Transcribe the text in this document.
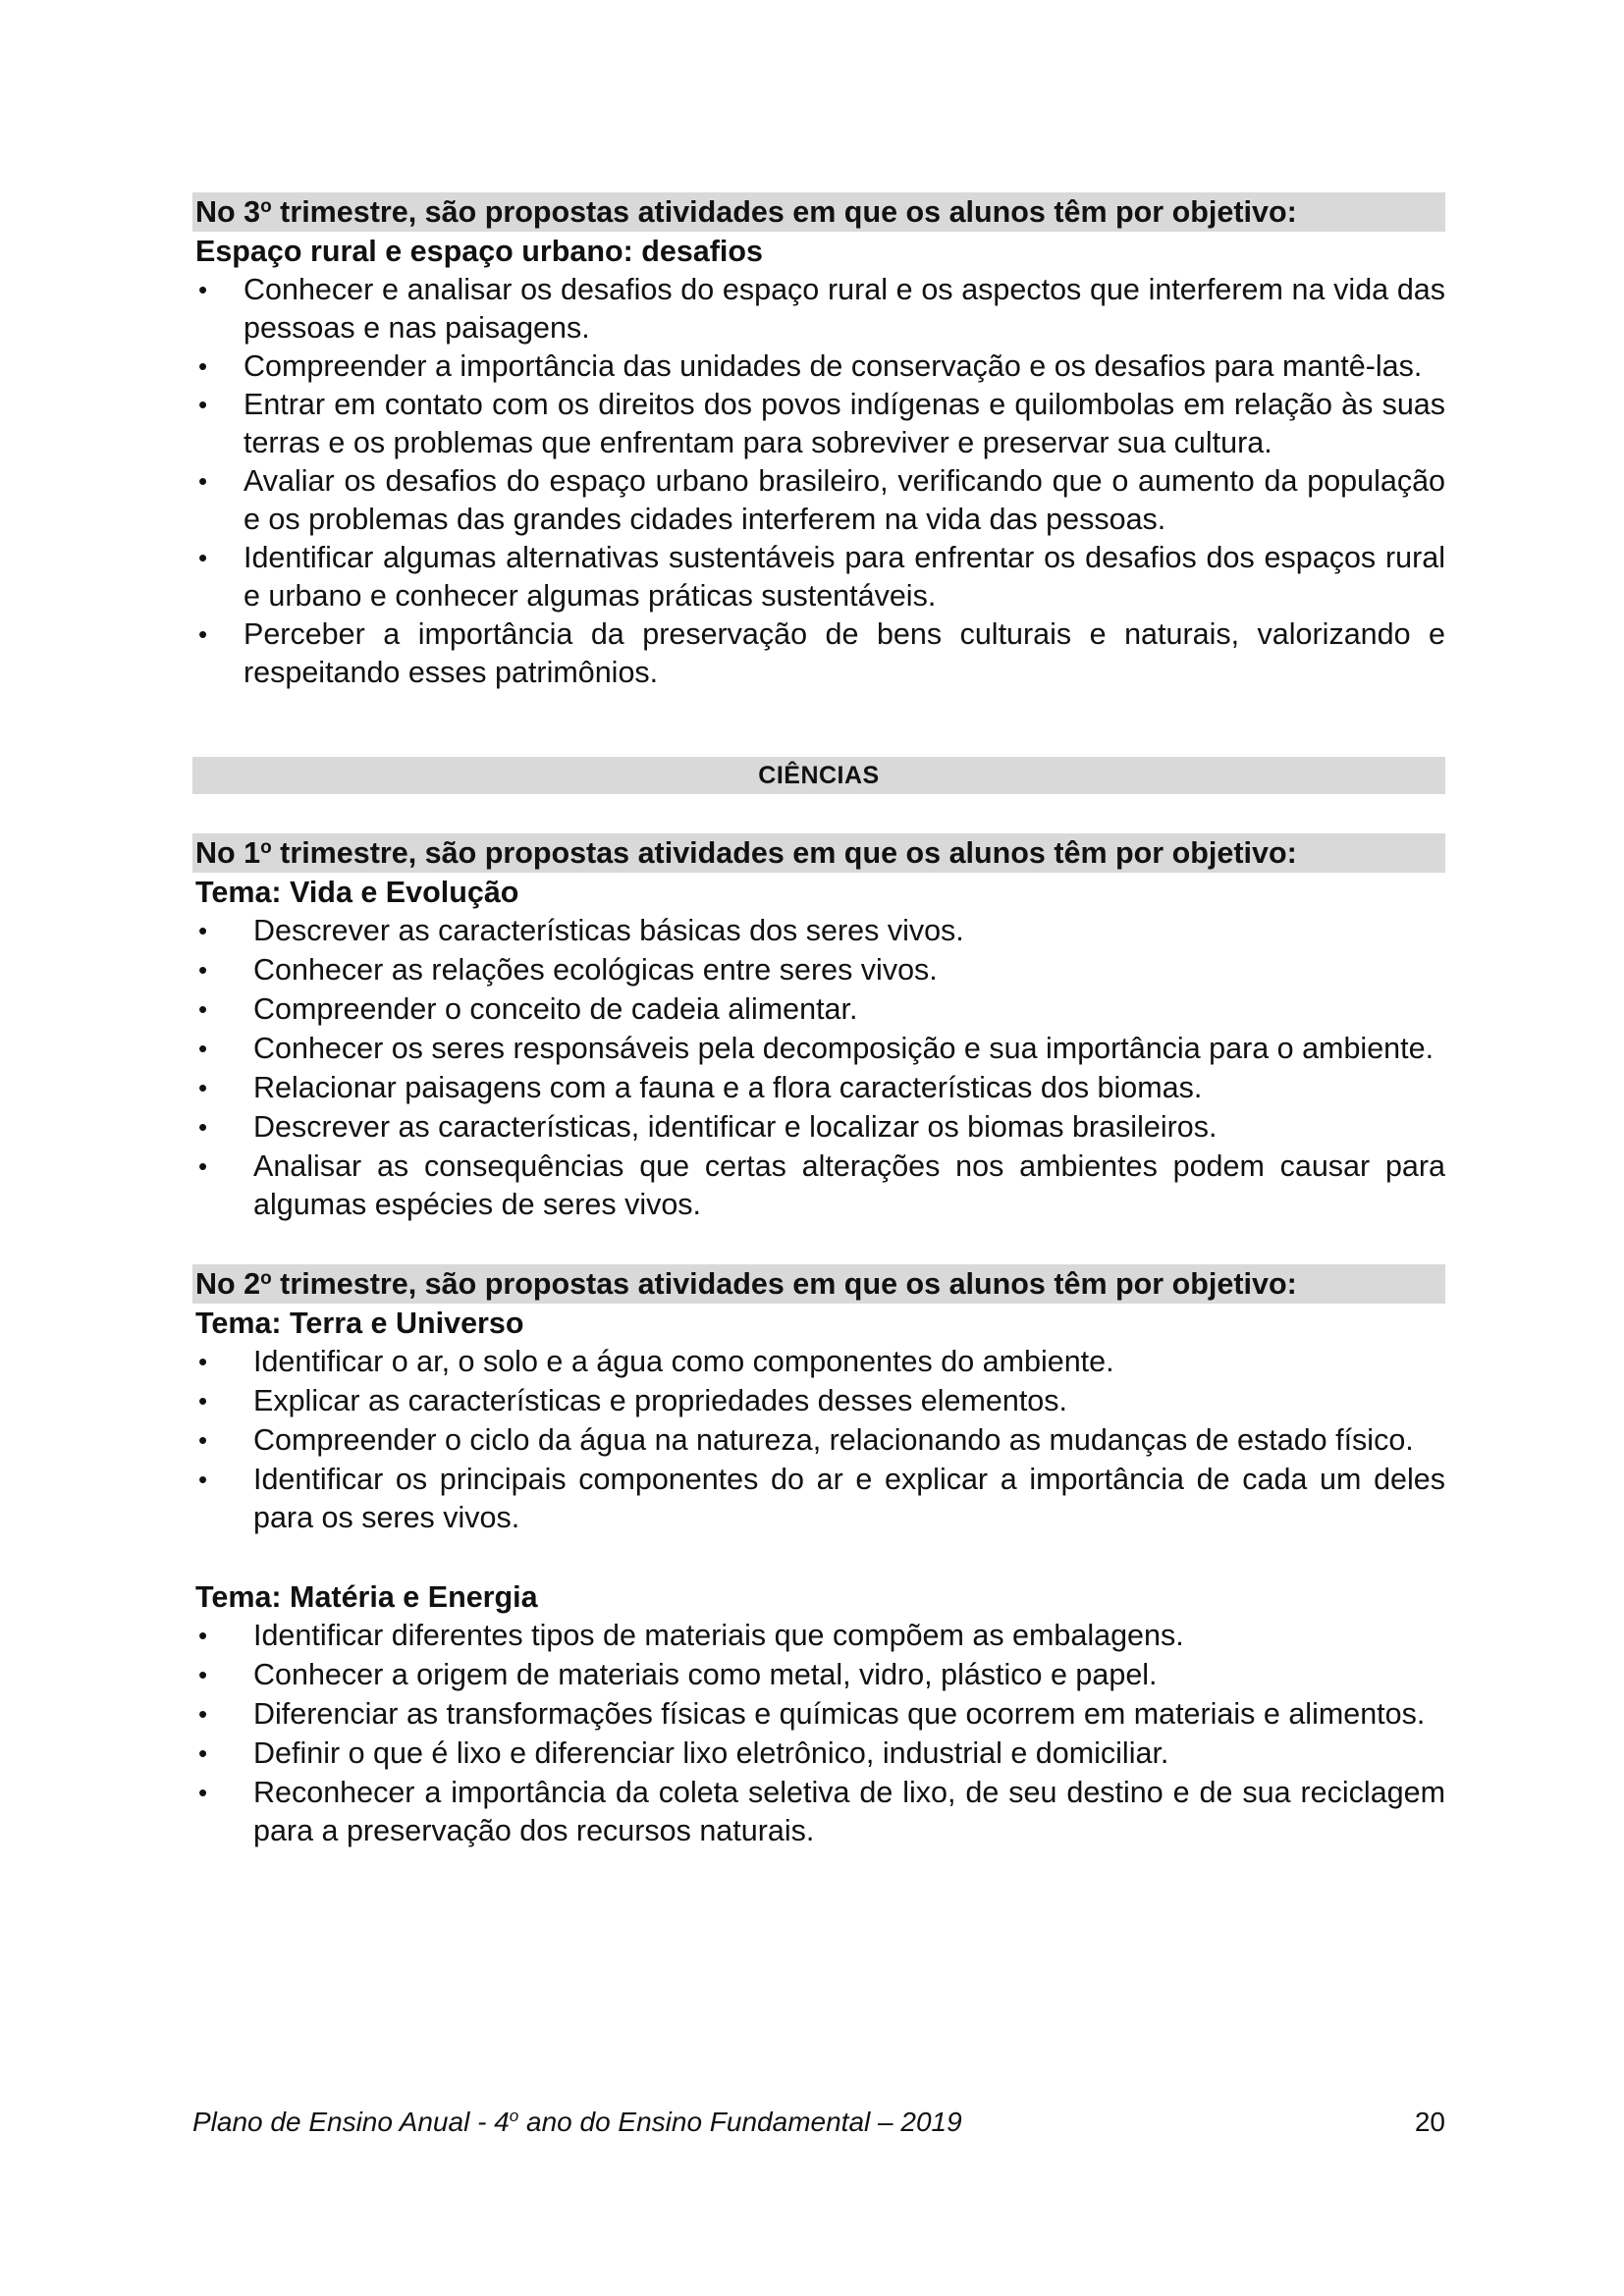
No 3$^o$ trimestre, são propostas atividades em que os alunos têm por objetivo:
Espaço rural e espaço urbano: desafios
• Conhecer e analisar os desafios do espaço rural e os aspectos que interferem na vida das pessoas e nas paisagens.
• Compreender a importância das unidades de conservação e os desafios para mantê-las.
• Entrar em contato com os direitos dos povos indígenas e quilombolas em relação às suas terras e os problemas que enfrentam para sobreviver e preservar sua cultura.
• Avaliar os desafios do espaço urbano brasileiro, verificando que o aumento da população e os problemas das grandes cidades interferem na vida das pessoas.
• Identificar algumas alternativas sustentáveis para enfrentar os desafios dos espaços rural e urbano e conhecer algumas práticas sustentáveis.
• Perceber a importância da preservação de bens culturais e naturais, valorizando e respeitando esses patrimônios.
CIÊNCIAS
No 1$^o$ trimestre, são propostas atividades em que os alunos têm por objetivo:
Tema: Vida e Evolução
• Descrever as características básicas dos seres vivos.
• Conhecer as relações ecológicas entre seres vivos.
• Compreender o conceito de cadeia alimentar.
• Conhecer os seres responsáveis pela decomposição e sua importância para o ambiente.
• Relacionar paisagens com a fauna e a flora características dos biomas.
• Descrever as características, identificar e localizar os biomas brasileiros.
• Analisar as consequências que certas alterações nos ambientes podem causar para algumas espécies de seres vivos.
No 2$^o$ trimestre, são propostas atividades em que os alunos têm por objetivo:
Tema: Terra e Universo
• Identificar o ar, o solo e a água como componentes do ambiente.
• Explicar as características e propriedades desses elementos.
• Compreender o ciclo da água na natureza, relacionando as mudanças de estado físico.
• Identificar os principais componentes do ar e explicar a importância de cada um deles para os seres vivos.
Tema: Matéria e Energia
• Identificar diferentes tipos de materiais que compõem as embalagens.
• Conhecer a origem de materiais como metal, vidro, plástico e papel.
• Diferenciar as transformações físicas e químicas que ocorrem em materiais e alimentos.
• Definir o que é lixo e diferenciar lixo eletrônico, industrial e domiciliar.
• Reconhecer a importância da coleta seletiva de lixo, de seu destino e de sua reciclagem para a preservação dos recursos naturais.
Plano de Ensino Anual - 4$^o$ ano do Ensino Fundamental – 2019	20
